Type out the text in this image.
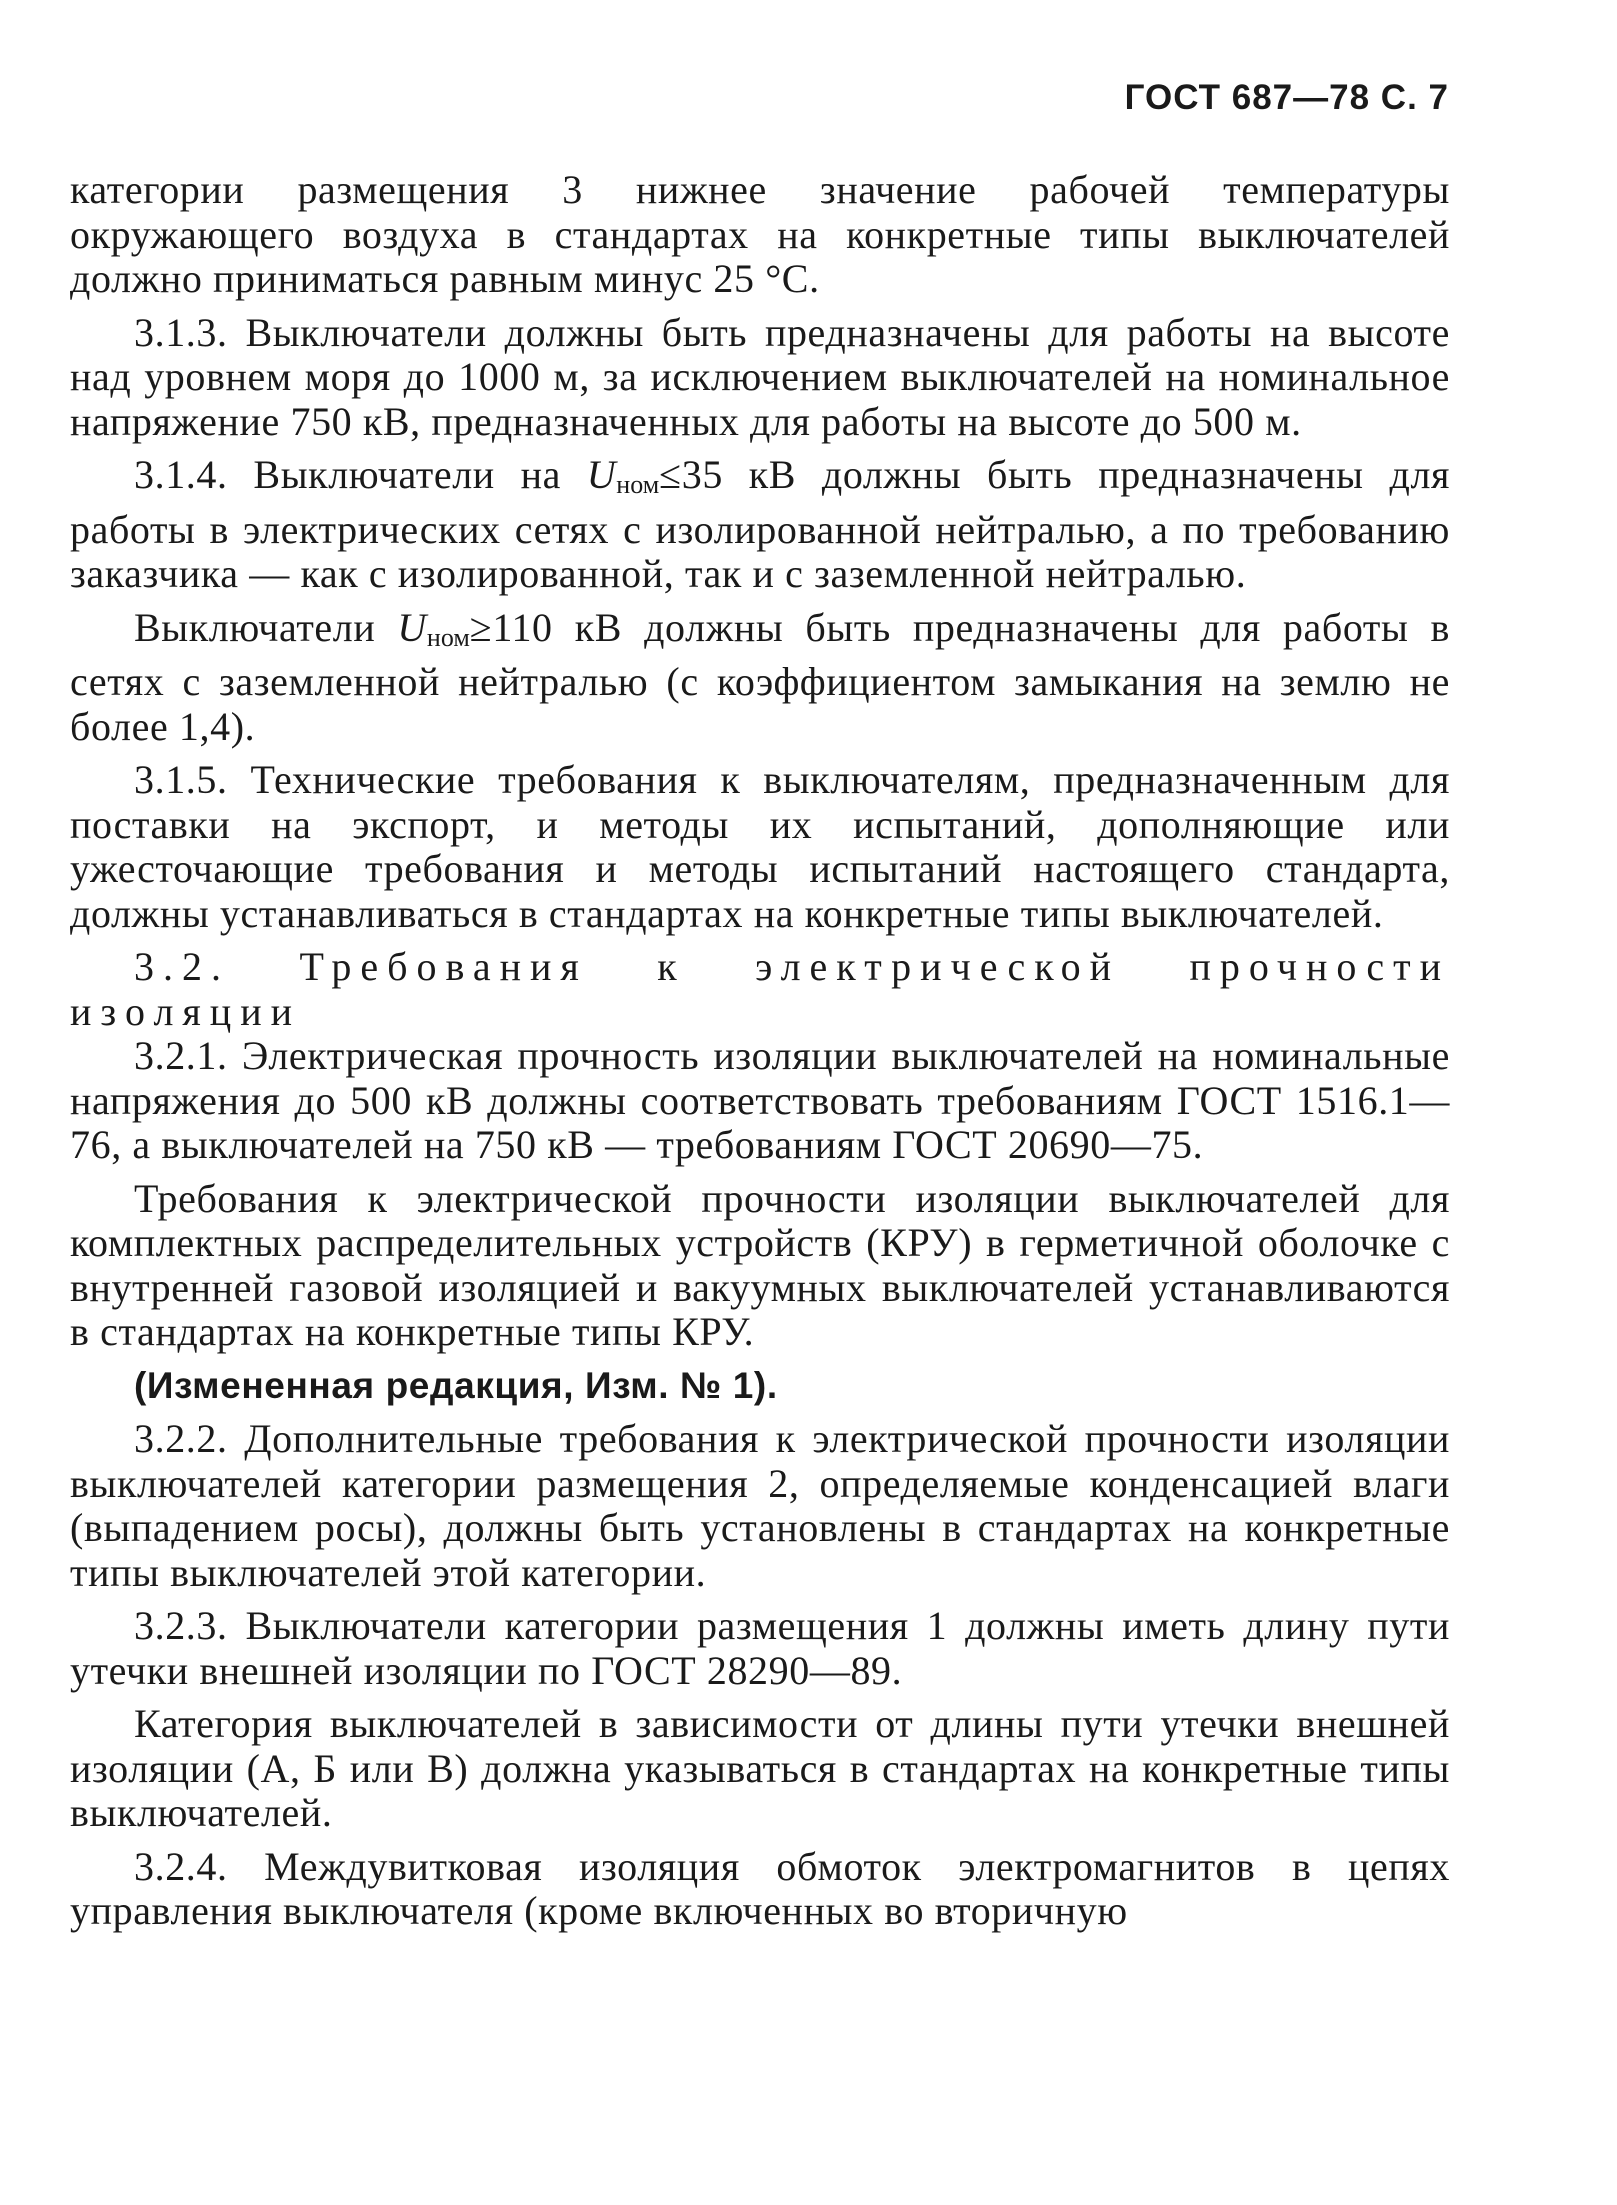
ГОСТ 687—78 С. 7

категории размещения 3 нижнее значение рабочей температуры окружающего воздуха в стандартах на конкретные типы выключателей должно приниматься равным минус 25 °С.

3.1.3. Выключатели должны быть предназначены для работы на высоте над уровнем моря до 1000 м, за исключением выключателей на номинальное напряжение 750 кВ, предназначенных для работы на высоте до 500 м.

3.1.4. Выключатели на $U_{ном}\le 35$ кВ должны быть предназначены для работы в электрических сетях с изолированной нейтралью, а по требованию заказчика — как с изолированной, так и с заземленной нейтралью.

Выключатели $U_{ном}\ge 110$ кВ должны быть предназначены для работы в сетях с заземленной нейтралью (с коэффициентом замыкания на землю не более 1,4).

3.1.5. Технические требования к выключателям, предназначенным для поставки на экспорт, и методы их испытаний, дополняющие или ужесточающие требования и методы испытаний настоящего стандарта, должны устанавливаться в стандартах на конкретные типы выключателей.

3.2. Требования к электрической прочности изоляции

3.2.1. Электрическая прочность изоляции выключателей на номинальные напряжения до 500 кВ должны соответствовать требованиям ГОСТ 1516.1—76, а выключателей на 750 кВ — требованиям ГОСТ 20690—75.

Требования к электрической прочности изоляции выключателей для комплектных распределительных устройств (КРУ) в герметичной оболочке с внутренней газовой изоляцией и вакуумных выключателей устанавливаются в стандартах на конкретные типы КРУ.

(Измененная редакция, Изм. № 1).

3.2.2. Дополнительные требования к электрической прочности изоляции выключателей категории размещения 2, определяемые конденсацией влаги (выпадением росы), должны быть установлены в стандартах на конкретные типы выключателей этой категории.

3.2.3. Выключатели категории размещения 1 должны иметь длину пути утечки внешней изоляции по ГОСТ 28290—89.

Категория выключателей в зависимости от длины пути утечки внешней изоляции (А, Б или В) должна указываться в стандартах на конкретные типы выключателей.

3.2.4. Междувитковая изоляция обмоток электромагнитов в цепях управления выключателя (кроме включенных во вторичную
